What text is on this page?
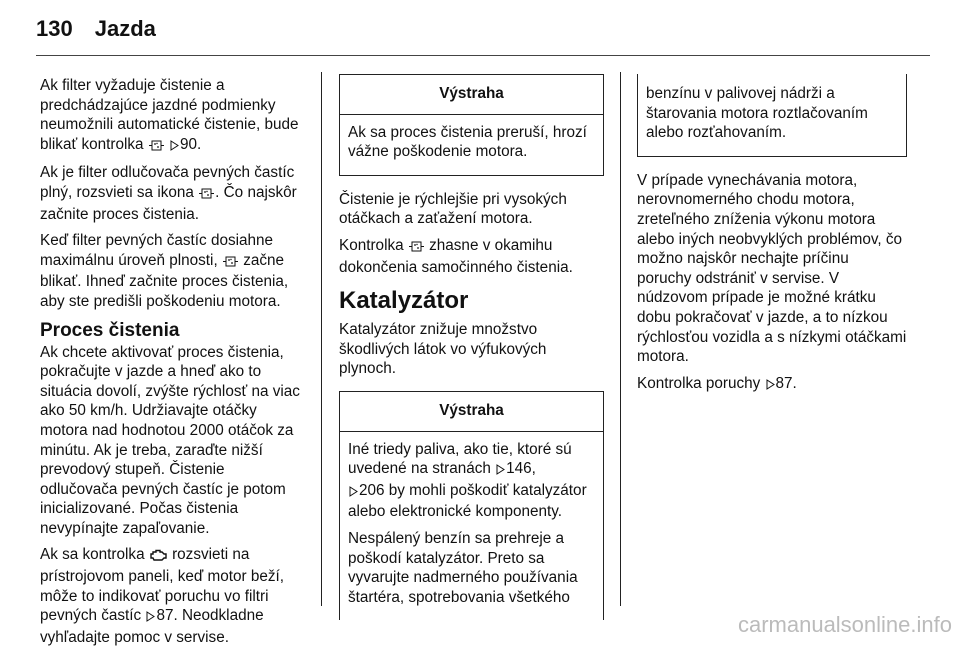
130 Jazda

Ak filter vyžaduje čistenie a predchádzajúce jazdné podmienky neumožnili automatické čistenie, bude blikať kontrolka 90.

Ak je filter odlučovača pevných častíc plný, rozsvieti sa ikona . Čo najskôr začnite proces čistenia.

Keď filter pevných častíc dosiahne maximálnu úroveň plnosti, začne blikať. Ihneď začnite proces čistenia, aby ste predišli poškodeniu motora.

Proces čistenia

Ak chcete aktivovať proces čistenia, pokračujte v jazde a hneď ako to situácia dovolí, zvýšte rýchlosť na viac ako 50 km/h. Udržiavajte otáčky motora nad hodnotou 2000 otáčok za minútu. Ak je treba, zaraďte nižší prevodový stupeň. Čistenie odlučovača pevných častíc je potom inicializované. Počas čistenia nevypínajte zapaľovanie.

Ak sa kontrolka rozsvieti na prístrojovom paneli, keď motor beží, môže to indikovať poruchu vo filtri pevných častíc 87. Neodkladne vyhľadajte pomoc v servise.

Výstraha

Ak sa proces čistenia preruší, hrozí vážne poškodenie motora.

Čistenie je rýchlejšie pri vysokých otáčkach a zaťažení motora.

Kontrolka zhasne v okamihu dokončenia samočinného čistenia.

Katalyzátor

Katalyzátor znižuje množstvo škodlivých látok vo výfukových plynoch.

Výstraha

Iné triedy paliva, ako tie, ktoré sú uvedené na stranách 146,
206 by mohli poškodiť katalyzátor alebo elektronické komponenty.

Nespálený benzín sa prehreje a poškodí katalyzátor. Preto sa vyvarujte nadmerného používania štartéra, spotrebovania všetkého

benzínu v palivovej nádrži a štarovania motora roztlačovaním alebo rozťahovaním.

V prípade vynechávania motora, nerovnomerného chodu motora, zreteľného zníženia výkonu motora alebo iných neobvyklých problémov, čo možno najskôr nechajte príčinu poruchy odstrániť v servise. V núdzovom prípade je možné krátku dobu pokračovať v jazde, a to nízkou rýchlosťou vozidla a s nízkymi otáčkami motora.

Kontrolka poruchy 87.

carmanualsonline.info
